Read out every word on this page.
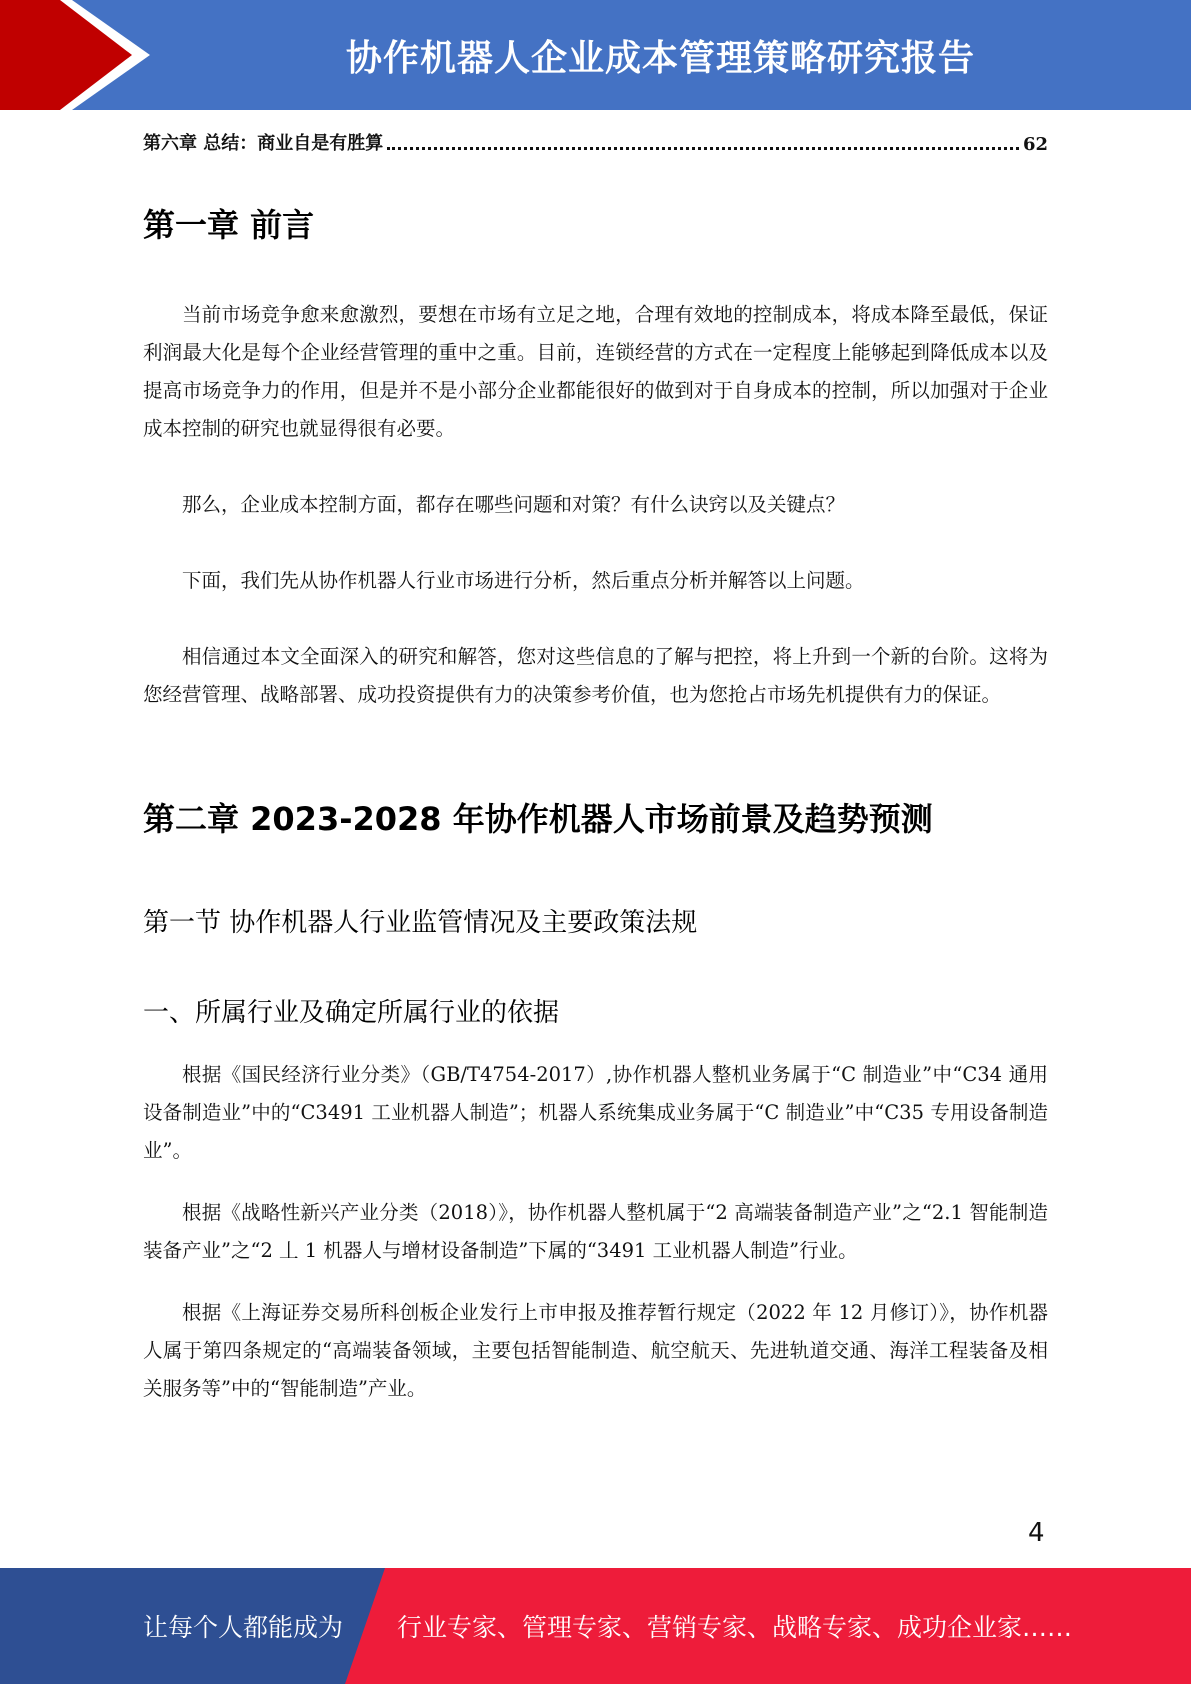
协作机器人企业成本管理策略研究报告
第六章 总结：商业自是有胜算	62
第一章 前言
当前市场竞争愈来愈激烈，要想在市场有立足之地，合理有效地的控制成本，将成本降至最低，保证利润最大化是每个企业经营管理的重中之重。目前，连锁经营的方式在一定程度上能够起到降低成本以及提高市场竞争力的作用，但是并不是小部分企业都能很好的做到对于自身成本的控制，所以加强对于企业成本控制的研究也就显得很有必要。
那么，企业成本控制方面，都存在哪些问题和对策？有什么诀窍以及关键点？
下面，我们先从协作机器人行业市场进行分析，然后重点分析并解答以上问题。
相信通过本文全面深入的研究和解答，您对这些信息的了解与把控，将上升到一个新的台阶。这将为您经营管理、战略部署、成功投资提供有力的决策参考价值，也为您抢占市场先机提供有力的保证。
第二章 2023-2028 年协作机器人市场前景及趋势预测
第一节 协作机器人行业监管情况及主要政策法规
一、所属行业及确定所属行业的依据
根据《国民经济行业分类》（GB/T4754-2017）,协作机器人整机业务属于“C 制造业”中“C34 通用设备制造业”中的“C3491 工业机器人制造”；机器人系统集成业务属于“C 制造业”中“C35 专用设备制造业”。
根据《战略性新兴产业分类（2018）》，协作机器人整机属于“2 高端装备制造产业”之“2.1 智能制造装备产业”之“2 丄 1 机器人与增材设备制造”下属的“3491 工业机器人制造”行业。
根据《上海证券交易所科创板企业发行上市申报及推荐暂行规定（2022 年 12 月修订）》，协作机器人属于第四条规定的“高端装备领域，主要包括智能制造、航空航天、先进轨道交通、海洋工程装备及相关服务等”中的“智能制造”产业。
4
让每个人都能成为 行业专家、管理专家、营销专家、战略专家、成功企业家……
